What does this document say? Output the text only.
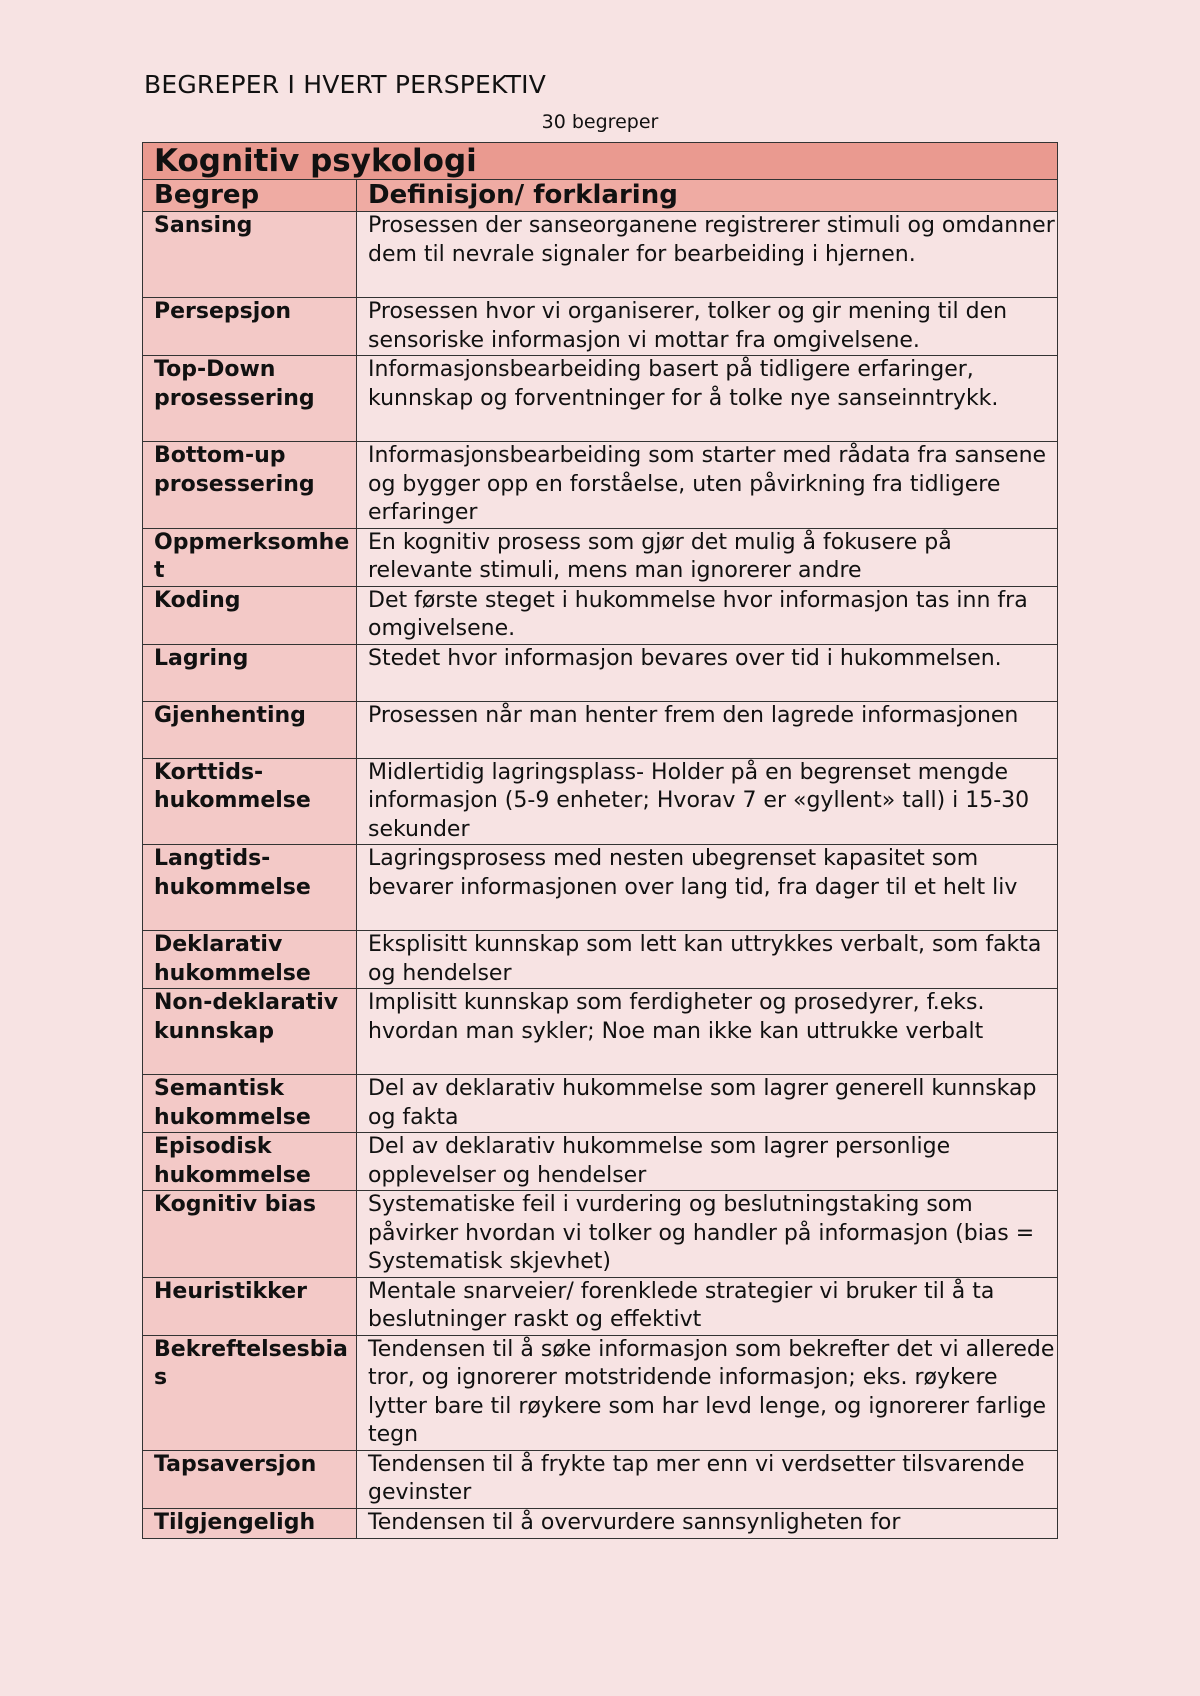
BEGREPER I HVERT PERSPEKTIV
30 begreper
Kognitiv psykologi	
Begrep	Definisjon/ forklaring
Sansing	Prosessen der sanseorganene registrerer stimuli og omdanner dem til nevrale signaler for bearbeiding i hjernen.
Persepsjon	Prosessen hvor vi organiserer, tolker og gir mening til den sensoriske informasjon vi mottar fra omgivelsene.
Top-Down prosessering	Informasjonsbearbeiding basert på tidligere erfaringer, kunnskap og forventninger for å tolke nye sanseinntrykk.
Bottom-up prosessering	Informasjonsbearbeiding som starter med rådata fra sansene og bygger opp en forståelse, uten påvirkning fra tidligere erfaringer
Oppmerksomhet	En kognitiv prosess som gjør det mulig å fokusere på relevante stimuli, mens man ignorerer andre
Koding	Det første steget i hukommelse hvor informasjon tas inn fra omgivelsene.
Lagring	Stedet hvor informasjon bevares over tid i hukommelsen.
Gjenhenting	Prosessen når man henter frem den lagrede informasjonen
Korttids-hukommelse	Midlertidig lagringsplass- Holder på en begrenset mengde informasjon (5-9 enheter; Hvorav 7 er «gyllent» tall) i 15-30 sekunder
Langtids-hukommelse	Lagringsprosess med nesten ubegrenset kapasitet som bevarer informasjonen over lang tid, fra dager til et helt liv
Deklarativ hukommelse	Eksplisitt kunnskap som lett kan uttrykkes verbalt, som fakta og hendelser
Non-deklarativ kunnskap	Implisitt kunnskap som ferdigheter og prosedyrer, f.eks. hvordan man sykler; Noe man ikke kan uttrukke verbalt
Semantisk hukommelse	Del av deklarativ hukommelse som lagrer generell kunnskap og fakta
Episodisk hukommelse	Del av deklarativ hukommelse som lagrer personlige opplevelser og hendelser
Kognitiv bias	Systematiske feil i vurdering og beslutningstaking som påvirker hvordan vi tolker og handler på informasjon (bias = Systematisk skjevhet)
Heuristikker	Mentale snarveier/ forenklede strategier vi bruker til å ta beslutninger raskt og effektivt
Bekreftelsesbias	Tendensen til å søke informasjon som bekrefter det vi allerede tror, og ignorerer motstridende informasjon; eks. røykere lytter bare til røykere som har levd lenge, og ignorerer farlige tegn
Tapsaversjon	Tendensen til å frykte tap mer enn vi verdsetter tilsvarende gevinster
Tilgjengeligh	Tendensen til å overvurdere sannsynligheten for
